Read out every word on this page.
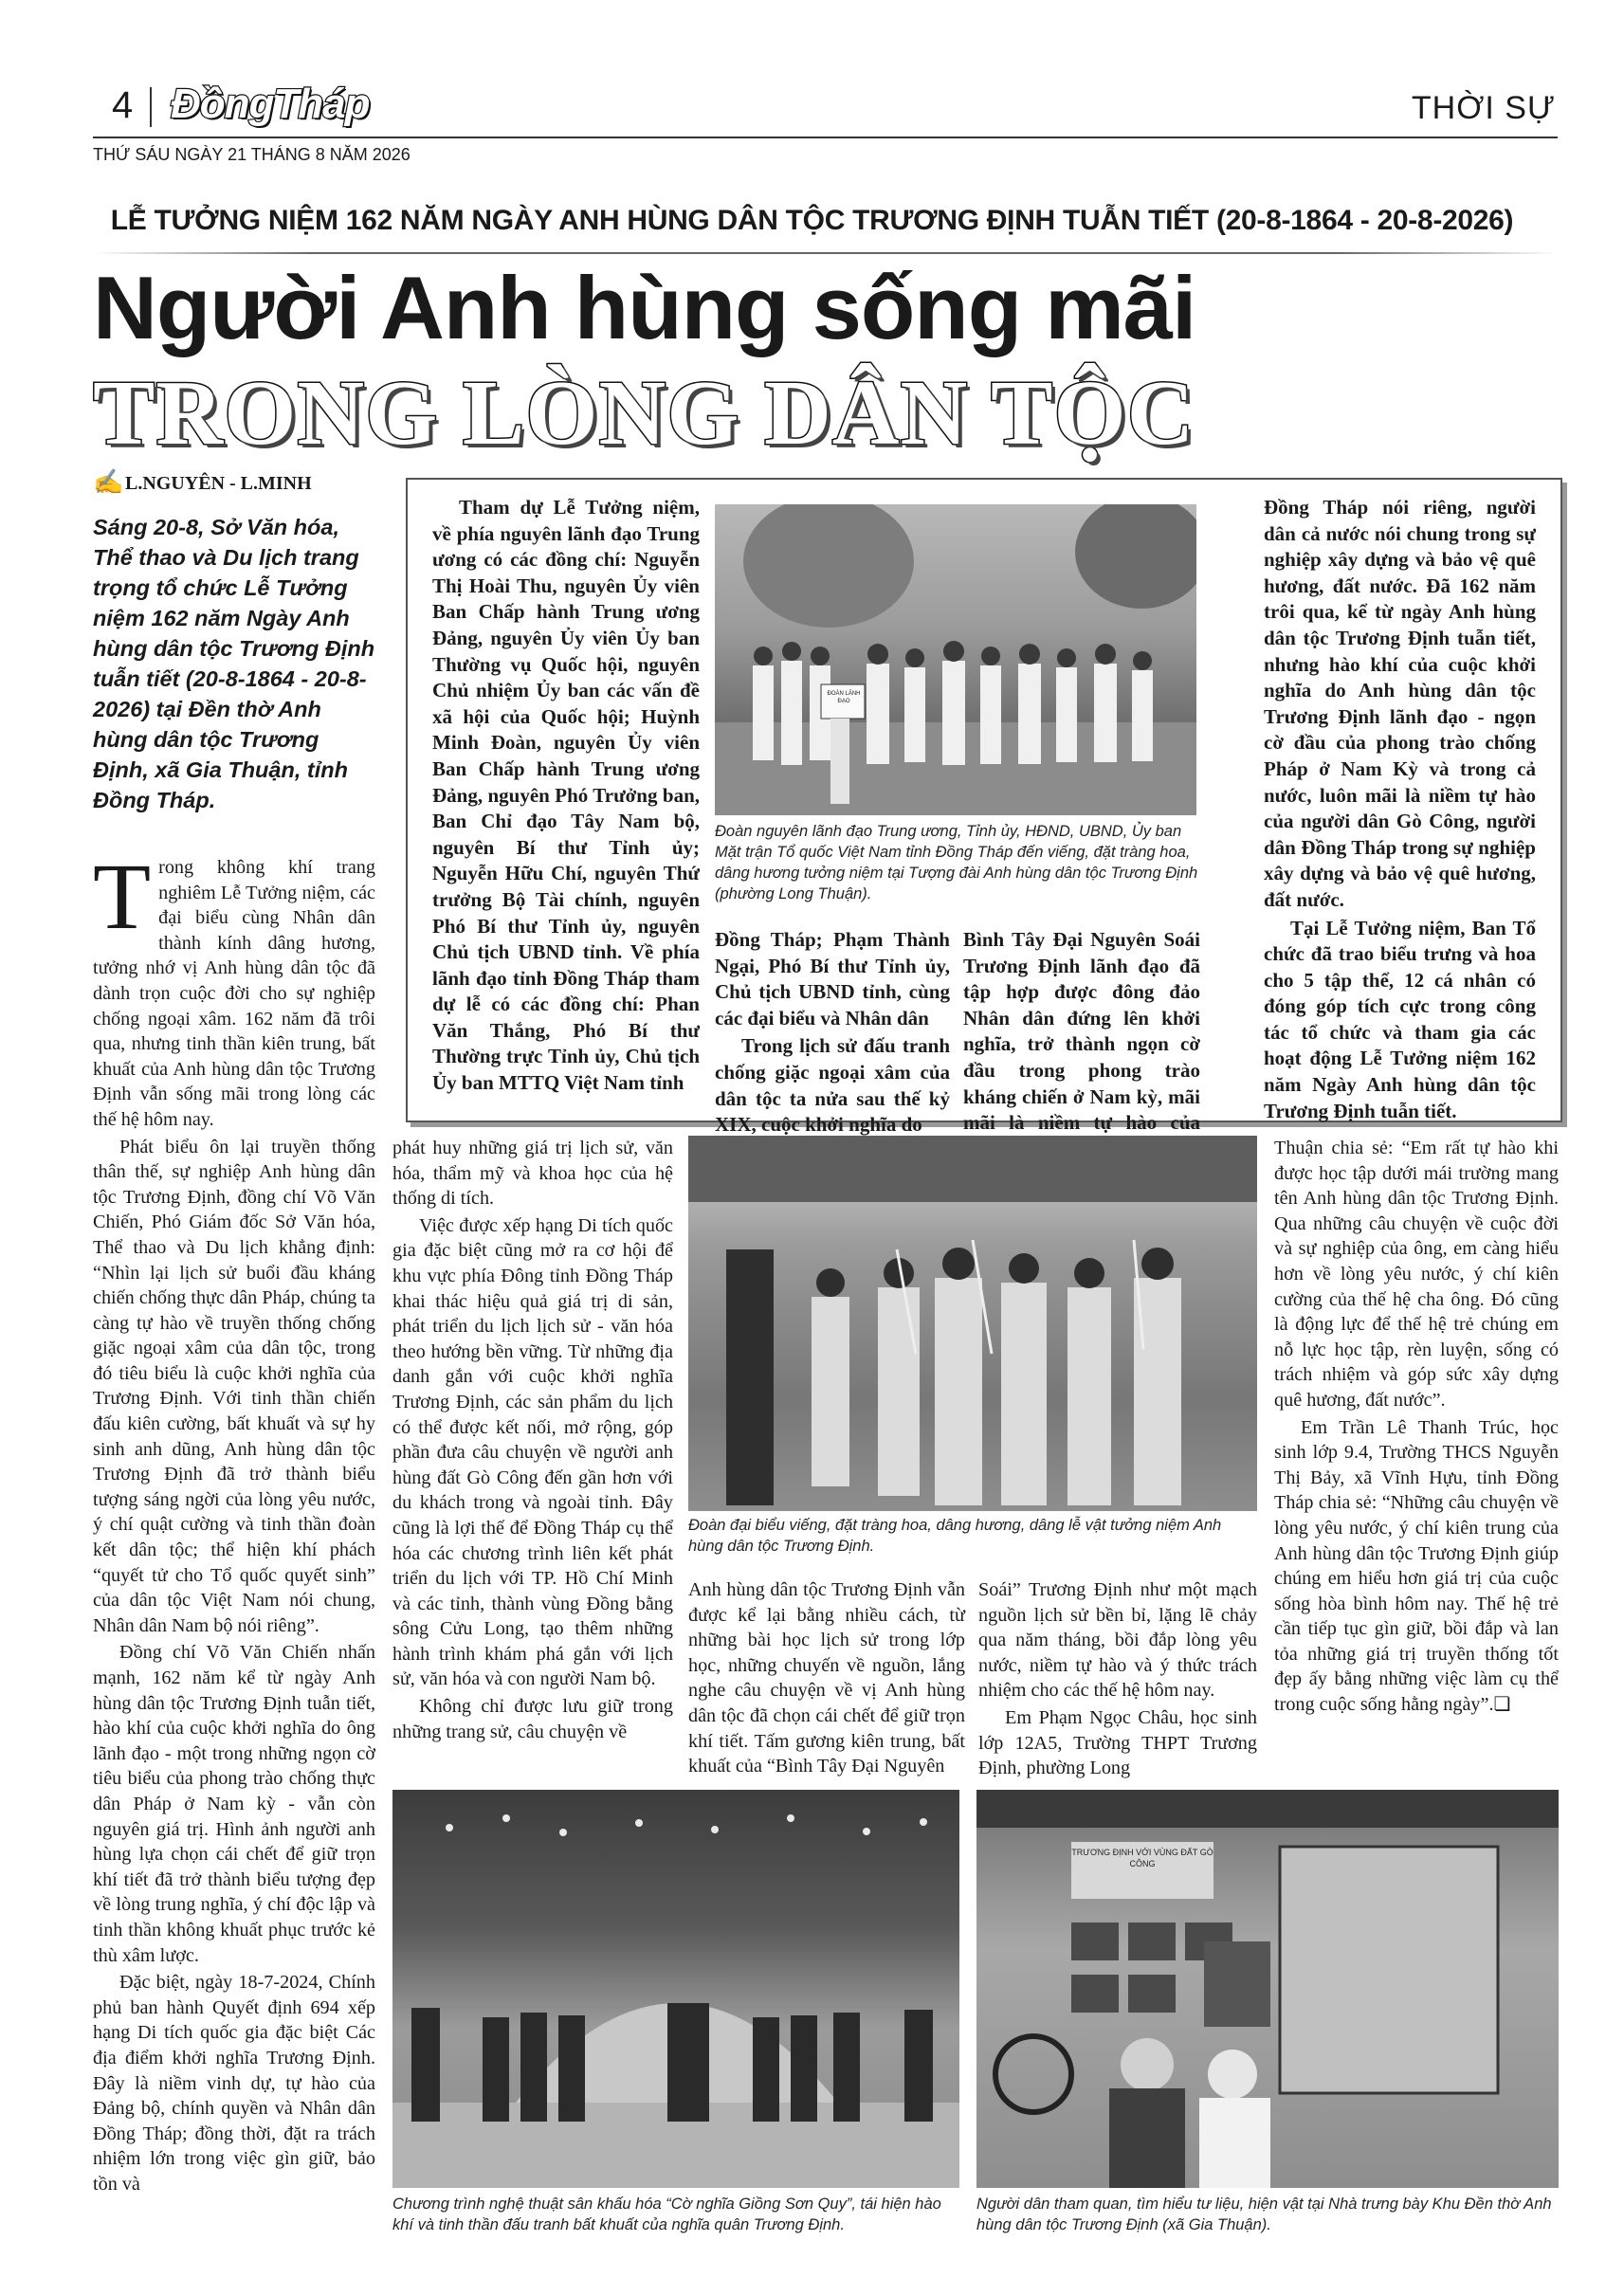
4 ĐồngTháp	THỜI SỰ
THỨ SÁU NGÀY 21 THÁNG 8 NĂM 2026
LỄ TƯỞNG NIỆM 162 NĂM NGÀY ANH HÙNG DÂN TỘC TRƯƠNG ĐỊNH TUẪN TIẾT (20-8-1864 - 20-8-2026)
Người Anh hùng sống mãi
TRONG LÒNG DÂN TỘC
✍ L.NGUYÊN - L.MINH
Sáng 20-8, Sở Văn hóa, Thể thao và Du lịch trang trọng tổ chức Lễ Tưởng niệm 162 năm Ngày Anh hùng dân tộc Trương Định tuẫn tiết (20-8-1864 - 20-8-2026) tại Đền thờ Anh hùng dân tộc Trương Định, xã Gia Thuận, tỉnh Đồng Tháp.

Tham dự Lễ Tưởng niệm, về phía nguyên lãnh đạo Trung ương có các đồng chí: Nguyễn Thị Hoài Thu, nguyên Ủy viên Ban Chấp hành Trung ương Đảng, nguyên Ủy viên Ủy ban Thường vụ Quốc hội, nguyên Chủ nhiệm Ủy ban các vấn đề xã hội của Quốc hội; Huỳnh Minh Đoàn, nguyên Ủy viên Ban Chấp hành Trung ương Đảng, nguyên Phó Trưởng ban, Ban Chỉ đạo Tây Nam bộ, nguyên Bí thư Tỉnh ủy; Nguyễn Hữu Chí, nguyên Thứ trưởng Bộ Tài chính, nguyên Phó Bí thư Tỉnh ủy, nguyên Chủ tịch UBND tỉnh. Về phía lãnh đạo tỉnh Đồng Tháp tham dự lễ có các đồng chí: Phan Văn Thắng, Phó Bí thư Thường trực Tỉnh ủy, Chủ tịch Ủy ban MTTQ Việt Nam tỉnh

ĐOÀN LÃNH ĐẠO
Đoàn nguyên lãnh đạo Trung ương, Tỉnh ủy, HĐND, UBND, Ủy ban Mặt trận Tổ quốc Việt Nam tỉnh Đồng Tháp đến viếng, đặt tràng hoa, dâng hương tưởng niệm tại Tượng đài Anh hùng dân tộc Trương Định (phường Long Thuận).

Đồng Tháp; Phạm Thành Ngại, Phó Bí thư Tỉnh ủy, Chủ tịch UBND tỉnh, cùng các đại biểu và Nhân dân

Trong lịch sử đấu tranh chống giặc ngoại xâm của dân tộc ta nửa sau thế kỷ XIX, cuộc khởi nghĩa do

Bình Tây Đại Nguyên Soái Trương Định lãnh đạo đã tập hợp được đông đảo Nhân dân đứng lên khởi nghĩa, trở thành ngọn cờ đầu trong phong trào kháng chiến ở Nam kỳ, mãi mãi là niềm tự hào của

Đồng Tháp nói riêng, người dân cả nước nói chung trong sự nghiệp xây dựng và bảo vệ quê hương, đất nước. Đã 162 năm trôi qua, kể từ ngày Anh hùng dân tộc Trương Định tuẫn tiết, nhưng hào khí của cuộc khởi nghĩa do Anh hùng dân tộc Trương Định lãnh đạo - ngọn cờ đầu của phong trào chống Pháp ở Nam Kỳ và trong cả nước, luôn mãi là niềm tự hào của người dân Gò Công, người dân Đồng Tháp trong sự nghiệp xây dựng và bảo vệ quê hương, đất nước.

Tại Lễ Tưởng niệm, Ban Tổ chức đã trao biểu trưng và hoa cho 5 tập thể, 12 cá nhân có đóng góp tích cực trong công tác tổ chức và tham gia các hoạt động Lễ Tưởng niệm 162 năm Ngày Anh hùng dân tộc Trương Định tuẫn tiết.

Trong không khí trang nghiêm Lễ Tưởng niệm, các đại biểu cùng Nhân dân thành kính dâng hương, tưởng nhớ vị Anh hùng dân tộc đã dành trọn cuộc đời cho sự nghiệp chống ngoại xâm. 162 năm đã trôi qua, nhưng tinh thần kiên trung, bất khuất của Anh hùng dân tộc Trương Định vẫn sống mãi trong lòng các thế hệ hôm nay.

Phát biểu ôn lại truyền thống thân thế, sự nghiệp Anh hùng dân tộc Trương Định, đồng chí Võ Văn Chiến, Phó Giám đốc Sở Văn hóa, Thể thao và Du lịch khẳng định: “Nhìn lại lịch sử buổi đầu kháng chiến chống thực dân Pháp, chúng ta càng tự hào về truyền thống chống giặc ngoại xâm của dân tộc, trong đó tiêu biểu là cuộc khởi nghĩa của Trương Định. Với tinh thần chiến đấu kiên cường, bất khuất và sự hy sinh anh dũng, Anh hùng dân tộc Trương Định đã trở thành biểu tượng sáng ngời của lòng yêu nước, ý chí quật cường và tinh thần đoàn kết dân tộc; thể hiện khí phách “quyết tử cho Tổ quốc quyết sinh” của dân tộc Việt Nam nói chung, Nhân dân Nam bộ nói riêng”.

Đồng chí Võ Văn Chiến nhấn mạnh, 162 năm kể từ ngày Anh hùng dân tộc Trương Định tuẫn tiết, hào khí của cuộc khởi nghĩa do ông lãnh đạo - một trong những ngọn cờ tiêu biểu của phong trào chống thực dân Pháp ở Nam kỳ - vẫn còn nguyên giá trị. Hình ảnh người anh hùng lựa chọn cái chết để giữ trọn khí tiết đã trở thành biểu tượng đẹp về lòng trung nghĩa, ý chí độc lập và tinh thần không khuất phục trước kẻ thù xâm lược.

Đặc biệt, ngày 18-7-2024, Chính phủ ban hành Quyết định 694 xếp hạng Di tích quốc gia đặc biệt Các địa điểm khởi nghĩa Trương Định. Đây là niềm vinh dự, tự hào của Đảng bộ, chính quyền và Nhân dân Đồng Tháp; đồng thời, đặt ra trách nhiệm lớn trong việc gìn giữ, bảo tồn và

phát huy những giá trị lịch sử, văn hóa, thẩm mỹ và khoa học của hệ thống di tích.

Việc được xếp hạng Di tích quốc gia đặc biệt cũng mở ra cơ hội để khu vực phía Đông tỉnh Đồng Tháp khai thác hiệu quả giá trị di sản, phát triển du lịch lịch sử - văn hóa theo hướng bền vững. Từ những địa danh gắn với cuộc khởi nghĩa Trương Định, các sản phẩm du lịch có thể được kết nối, mở rộng, góp phần đưa câu chuyện về người anh hùng đất Gò Công đến gần hơn với du khách trong và ngoài tỉnh. Đây cũng là lợi thế để Đồng Tháp cụ thể hóa các chương trình liên kết phát triển du lịch với TP. Hồ Chí Minh và các tỉnh, thành vùng Đồng bằng sông Cửu Long, tạo thêm những hành trình khám phá gắn với lịch sử, văn hóa và con người Nam bộ.

Không chỉ được lưu giữ trong những trang sử, câu chuyện về

Đoàn đại biểu viếng, đặt tràng hoa, dâng hương, dâng lễ vật tưởng niệm Anh hùng dân tộc Trương Định.

Anh hùng dân tộc Trương Định vẫn được kể lại bằng nhiều cách, từ những bài học lịch sử trong lớp học, những chuyến về nguồn, lắng nghe câu chuyện về vị Anh hùng dân tộc đã chọn cái chết để giữ trọn khí tiết. Tấm gương kiên trung, bất khuất của “Bình Tây Đại Nguyên

Soái” Trương Định như một mạch nguồn lịch sử bền bỉ, lặng lẽ chảy qua năm tháng, bồi đắp lòng yêu nước, niềm tự hào và ý thức trách nhiệm cho các thế hệ hôm nay.

Em Phạm Ngọc Châu, học sinh lớp 12A5, Trường THPT Trương Định, phường Long

Thuận chia sẻ: “Em rất tự hào khi được học tập dưới mái trường mang tên Anh hùng dân tộc Trương Định. Qua những câu chuyện về cuộc đời và sự nghiệp của ông, em càng hiểu hơn về lòng yêu nước, ý chí kiên cường của thế hệ cha ông. Đó cũng là động lực để thế hệ trẻ chúng em nỗ lực học tập, rèn luyện, sống có trách nhiệm và góp sức xây dựng quê hương, đất nước”.

Em Trần Lê Thanh Trúc, học sinh lớp 9.4, Trường THCS Nguyễn Thị Bảy, xã Vĩnh Hựu, tỉnh Đồng Tháp chia sẻ: “Những câu chuyện về lòng yêu nước, ý chí kiên trung của Anh hùng dân tộc Trương Định giúp chúng em hiểu hơn giá trị của cuộc sống hòa bình hôm nay. Thế hệ trẻ cần tiếp tục gìn giữ, bồi đắp và lan tỏa những giá trị truyền thống tốt đẹp ấy bằng những việc làm cụ thể trong cuộc sống hằng ngày”.❏

Chương trình nghệ thuật sân khấu hóa “Cờ nghĩa Giồng Sơn Quy”, tái hiện hào khí và tinh thần đấu tranh bất khuất của nghĩa quân Trương Định.
TRƯƠNG ĐỊNH VỚI VÙNG ĐẤT GÒ CÔNG
Người dân tham quan, tìm hiểu tư liệu, hiện vật tại Nhà trưng bày Khu Đền thờ Anh hùng dân tộc Trương Định (xã Gia Thuận).
